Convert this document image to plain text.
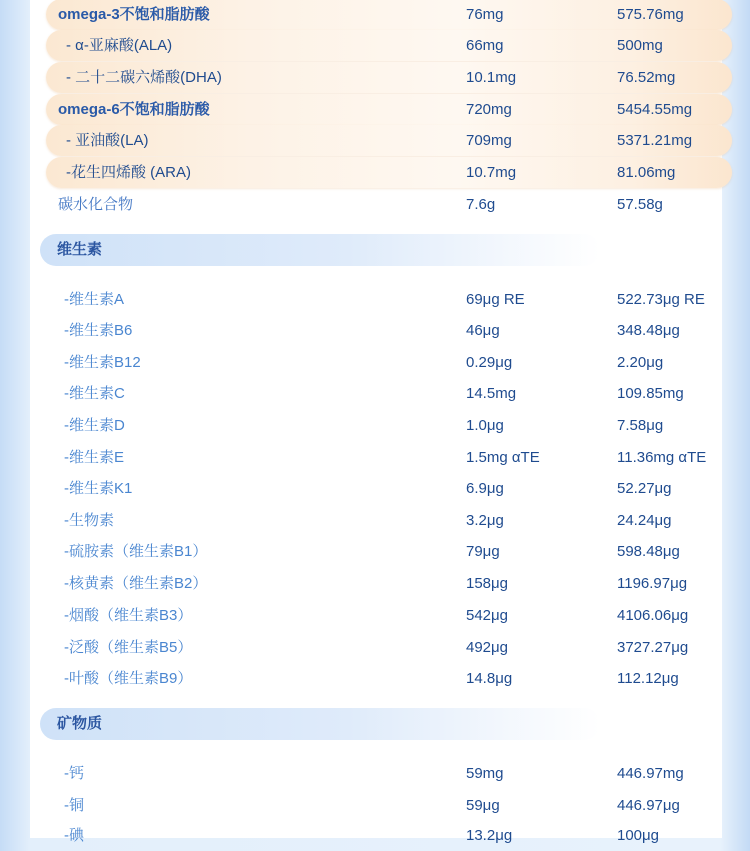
omega-3不饱和脂肪酸	76mg	575.76mg
- α-亚麻酸(ALA)	66mg	500mg
- 二十二碳六烯酸(DHA)	10.1mg	76.52mg
omega-6不饱和脂肪酸	720mg	5454.55mg
- 亚油酸(LA)	709mg	5371.21mg
-花生四烯酸 (ARA)	10.7mg	81.06mg
碳水化合物	7.6g	57.58g
维生素
-维生素A	69μg RE	522.73μg RE
-维生素B6	46μg	348.48μg
-维生素B12	0.29μg	2.20μg
-维生素C	14.5mg	109.85mg
-维生素D	1.0μg	7.58μg
-维生素E	1.5mg αTE	11.36mg αTE
-维生素K1	6.9μg	52.27μg
-生物素	3.2μg	24.24μg
-硫胺素（维生素B1）	79μg	598.48μg
-核黄素（维生素B2）	158μg	1196.97μg
-烟酸（维生素B3）	542μg	4106.06μg
-泛酸（维生素B5）	492μg	3727.27μg
-叶酸（维生素B9）	14.8μg	112.12μg
矿物质
-钙	59mg	446.97mg
-铜	59μg	446.97μg
-碘	13.2μg	100μg
